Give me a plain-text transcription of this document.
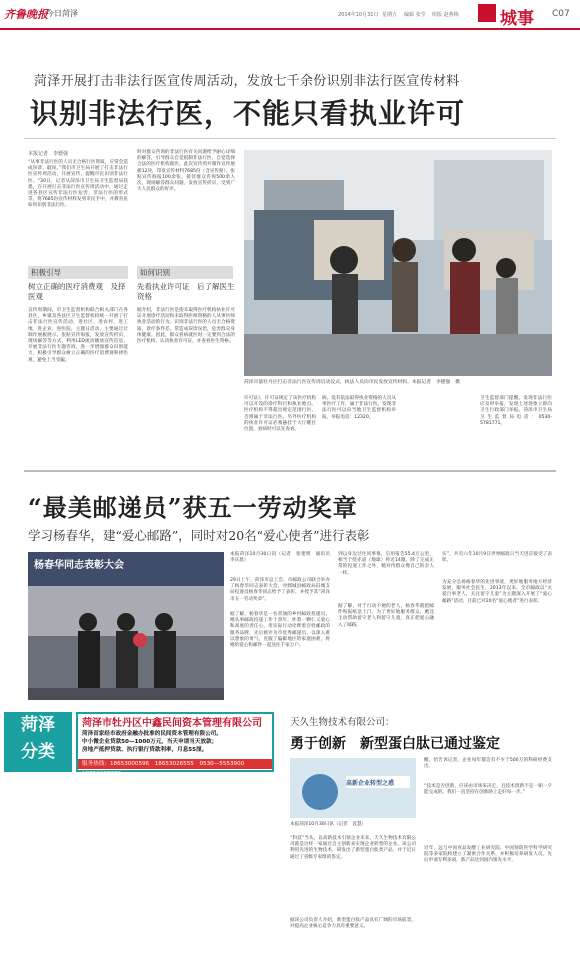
齐鲁晚报
今日菏泽	2014年10月31日 星期五 编辑 张莹 组版 赵燕梅 城事 C07
菏泽开展打击非法行医宣传周活动，发放七千余份识别非法行医宣传材料
识别非法行医，不能只看执业许可
本报记者　李德强
“从事非法行医的人员无合格行医资质，应常会造成误诊，耽误。”我们市卫生局开展了打击非法行医宣传周活动，开展宣传，提醒市民识别非法行医。“30日，记者从菏泽市卫生局卫生监督局获悉，在开展打击非法行医宣传周活动中，通过走进各县区宣传非法行医危害，非法行医的形式等，将7685份宣传材料发到市民手中，并教育民如何识别非法行医。
积极引导
树立正确的医疗消费观　及择医观
宣传周期间，市卫生监督机构联合相关部门在各县区、乡镇及各县区卫生监督机构统一开展了打击非法行医宣传活动，进社区、进农村、进工地，进企业，进医院，主题日活动，主要通过让制作展板展示、张贴宣传海报，发放宣传折页，现场解答等方式，利用LED流动播放宣传信息，开展非法行医专题咨询，进一步增强群众识别能力，积极引导群众树立正确的医疗消费观和择医观，避免上当受骗。
时对群众咨询的非法行医有关问题给予耐心详细的解答，引导群众自觉抵制非法行医，自觉选择合法的医疗机构就医。此次宣传周共制作宣传展板12块，印发宣传材料7685份（含宣传册），张贴宣传海报100余张，接待群众咨询500余人次，现场解答群众问题，发放宣传折页，受到广大人民群众的好评。
如何识别
先看执业许可证　后了解医生资格
据介绍，非法行医是指未取得医疗机构执业许可证开展诊疗活动和未取得医师资格的人从事医师执业活动的行为。识别非法行医的人员无合格资质，诊疗条件差，常造成误诊误治，危害群众身体健康。因此，群众看病就医时一定要到合法的医疗机构，认清执业许可证，并查看医生资格。
菏泽市量牡丹区打击非法行医宣传周启动仪式，执法人员向市民发放宣传材料。本报记者　李德强　摄
许可证》。许可证规定了该医疗机构可以开设的诊疗科目和执业地点。医疗机构不得超出规定范围行医，否则属于非法行医。另外医疗机构的执业许可证必须悬挂于大厅醒目位置，看病时可以先查看。
病。没有依法取得执业资格的人员从事医疗工作，属于非法行医。发现非法行医可以向当地卫生监督机构举报，举报电话：12320。
卫生监督部门提醒，发现非法行医应及时举报，发现上述现象立即向卫生行政部门举报。菏泽市卫生局卫生监督局电话：0530-5781771。
“最美邮递员”获五一劳动奖章
学习杨春华，建“爱心邮路”，同时对20名“爱心使者”进行表彰
杨春华同志表彰大会
本报菏泽10月30日讯（记者　张建明　通讯员　李庆晨）
29日上午，菏泽市总工会、市邮政公司联合举办了杨春华同志表彰大会，对鄄城县邮政局旧城支局投递员杨春华同志给予了表彰，并授予其“菏泽市五一劳动奖章”。
据了解，杨春华是一名普通的乡村邮政投递员，她从事邮政投递工作十余年，怀着一颗仁义爱心和高度的责任心，用实际行动诠释着百姓邮政的服务品牌，先后被评为市优秀邮递员，以深入难以想象的勇气，克服了偏僻地区的家庭困难，将她的爱心和邮件一起送往千家万户。
到以身边过往同事推，启用报告55.4万公里，相当于绕赤道（地球）将近14圈。除了完成正常的投递工作之外，她对待群众像自己的亲人一样。
据了解，对于行动不便的老人，杨春华就把邮件和报纸送上门，为了更好地服务群众，她还主动帮助留守老人和留守儿童，真正把爱心融入了邮路。
实”，共有六年10月9日世界邮政日当天进京接受了表彰。
为充分弘扬杨春华的先进事迹，更好地服务地方经济发展，服务社会民生，2013年以来，全市邮政以“关爱百事老人，关注留守儿童”为主题深入开展了“爱心邮路”活动，目前已对20名“爱心使者”进行表彰。
菏泽
分类
菏泽市牡丹区中鑫民间资本管理有限公司
菏泽首家经市政府金融办批准的民间资本管理有限公司。
中小微企业贷款50—1000万元，当天申请当天放款；
房地产抵押贷款、执行银行贷款利率，月息55厘。
服务热线：18653000596　18653026555　0530—5553900　18853000369
天久生物技术有限公司：
勇于创新　新型蛋白肽已通过鉴定
高新企业转型之惑
本报菏泽10月30日讯（记者　袁慧）
“科技”当头，以高新技术引领企业未来，天久生物技术有限公司就是这样一家通过自主创新来实现企业转型的企业。该公司利用先进的生物技术，研发出了新型蛋白肽类产品，并于近日通过了省级专家组的鉴定。
据该公司负责人介绍，新型蛋白肽产品具有广阔的市场前景，对提高企业核心竞争力具有重要意义。
概，恰告诉记者，企业每年都会有不少于500万的科研经费支出。
“技术是否创新，应该由市场来决定，且技术创新不是一朝一夕能完成的。我们一直坚持在创新路上走好每一步。”
近年，远与中国食品发酵工业研究院、中国预防医学科学研究院等多家院校建立了紧密合作关系，并积极培养研发人员，先后申请专利多项，新产品达到国内领先水平。
